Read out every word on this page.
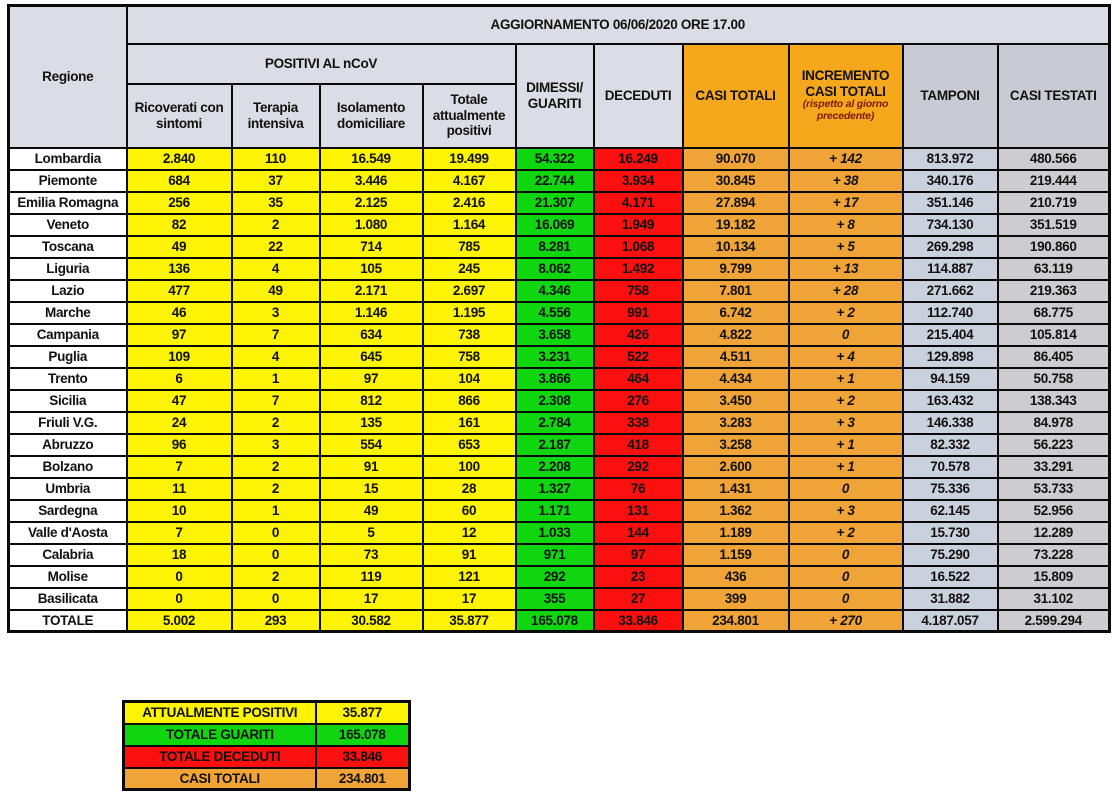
Regione	AGGIORNAMENTO 06/06/2020 ORE 17.00									
	POSITIVI AL nCoV				DIMESSI/ GUARITI	DECEDUTI	CASI TOTALI	INCREMENTO CASI TOTALI
(rispetto al giorno precedente)	TAMPONI	CASI TESTATI
	Ricoverati con sintomi	Terapia intensiva	Isolamento domiciliare	Totale attualmente positivi						
Lombardia	2.840	110	16.549	19.499	54.322	16.249	90.070	+ 142	813.972	480.566
Piemonte	684	37	3.446	4.167	22.744	3.934	30.845	+ 38	340.176	219.444
Emilia Romagna	256	35	2.125	2.416	21.307	4.171	27.894	+ 17	351.146	210.719
Veneto	82	2	1.080	1.164	16.069	1.949	19.182	+ 8	734.130	351.519
Toscana	49	22	714	785	8.281	1.068	10.134	+ 5	269.298	190.860
Liguria	136	4	105	245	8.062	1.492	9.799	+ 13	114.887	63.119
Lazio	477	49	2.171	2.697	4.346	758	7.801	+ 28	271.662	219.363
Marche	46	3	1.146	1.195	4.556	991	6.742	+ 2	112.740	68.775
Campania	97	7	634	738	3.658	426	4.822	0	215.404	105.814
Puglia	109	4	645	758	3.231	522	4.511	+ 4	129.898	86.405
Trento	6	1	97	104	3.866	464	4.434	+ 1	94.159	50.758
Sicilia	47	7	812	866	2.308	276	3.450	+ 2	163.432	138.343
Friuli V.G.	24	2	135	161	2.784	338	3.283	+ 3	146.338	84.978
Abruzzo	96	3	554	653	2.187	418	3.258	+ 1	82.332	56.223
Bolzano	7	2	91	100	2.208	292	2.600	+ 1	70.578	33.291
Umbria	11	2	15	28	1.327	76	1.431	0	75.336	53.733
Sardegna	10	1	49	60	1.171	131	1.362	+ 3	62.145	52.956
Valle d'Aosta	7	0	5	12	1.033	144	1.189	+ 2	15.730	12.289
Calabria	18	0	73	91	971	97	1.159	0	75.290	73.228
Molise	0	2	119	121	292	23	436	0	16.522	15.809
Basilicata	0	0	17	17	355	27	399	0	31.882	31.102
TOTALE	5.002	293	30.582	35.877	165.078	33.846	234.801	+ 270	4.187.057	2.599.294
ATTUALMENTE POSITIVI	35.877
TOTALE GUARITI	165.078
TOTALE DECEDUTI	33.846
CASI TOTALI	234.801
